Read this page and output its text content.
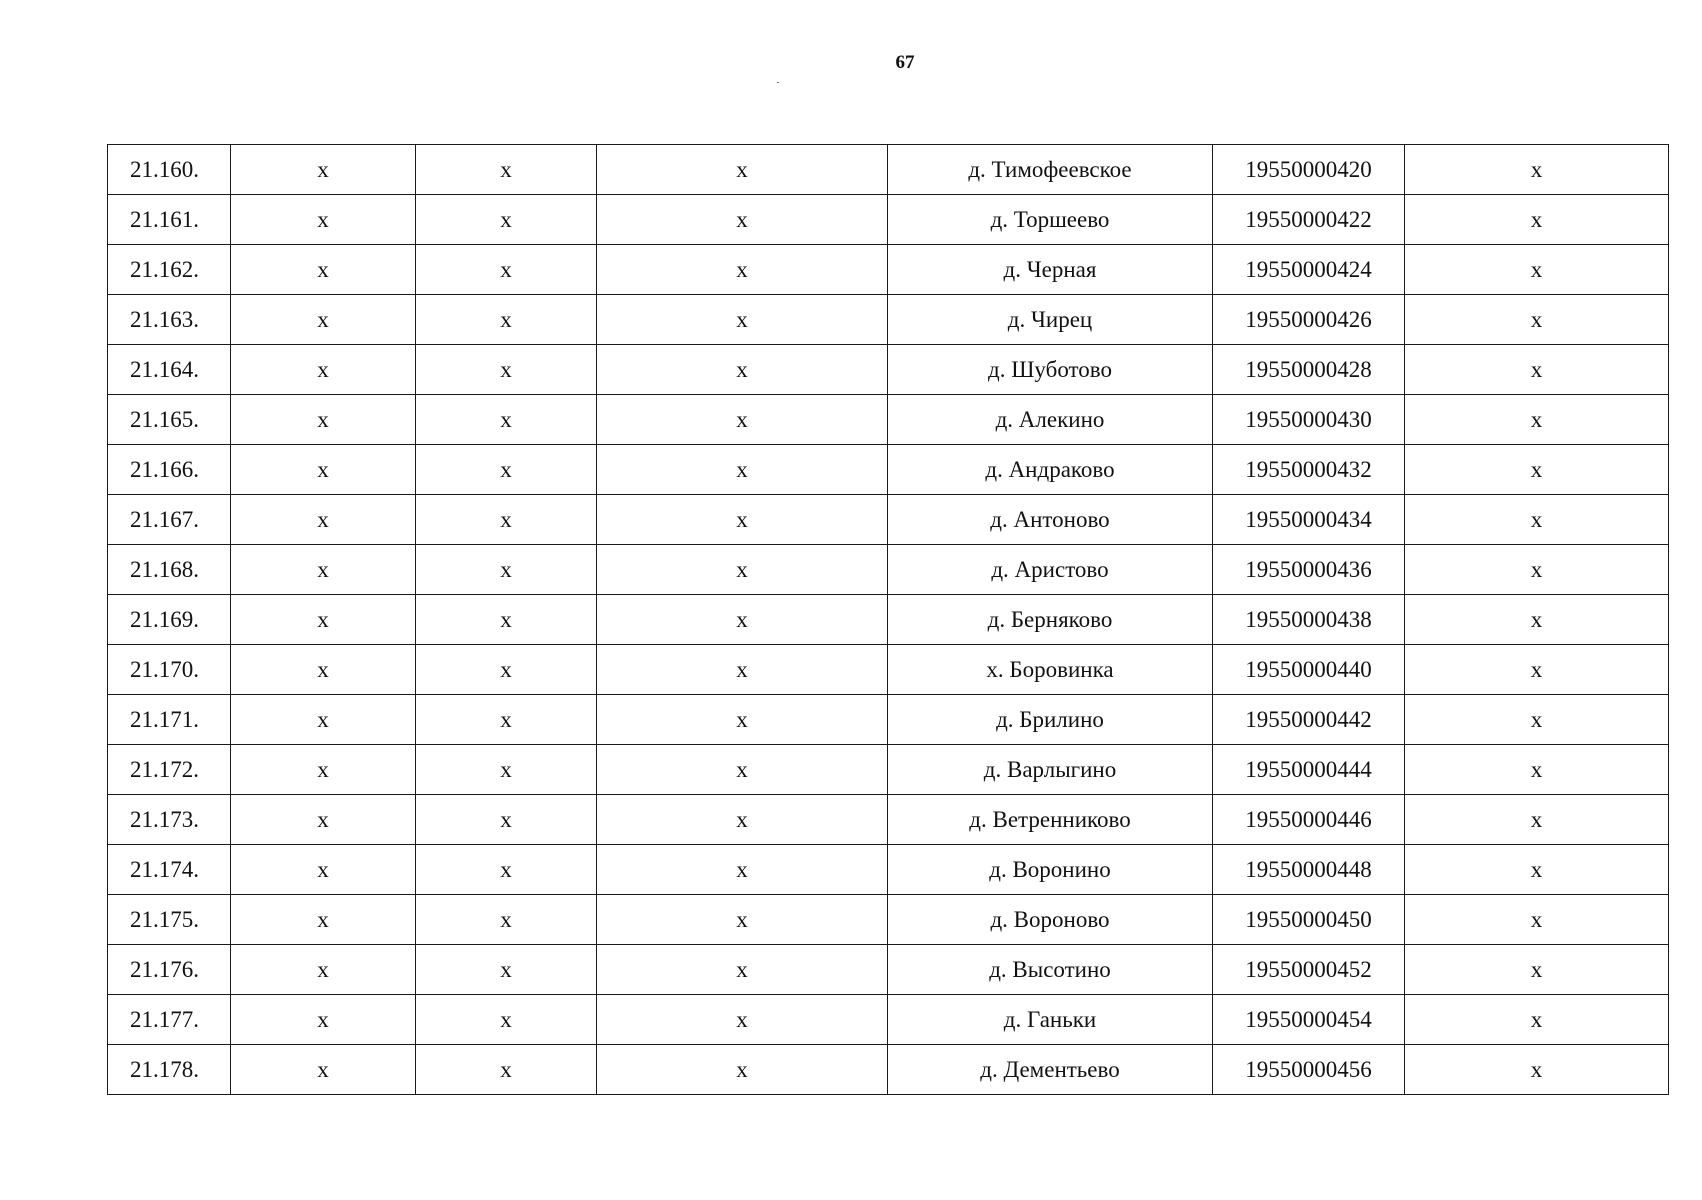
67
21.160.	х	х	х	д. Тимофеевское	19550000420	х
21.161.	х	х	х	д. Торшеево	19550000422	х
21.162.	х	х	х	д. Черная	19550000424	х
21.163.	х	х	х	д. Чирец	19550000426	х
21.164.	х	х	х	д. Шуботово	19550000428	х
21.165.	х	х	х	д. Алекино	19550000430	х
21.166.	х	х	х	д. Андраково	19550000432	х
21.167.	х	х	х	д. Антоново	19550000434	х
21.168.	х	х	х	д. Аристово	19550000436	х
21.169.	х	х	х	д. Берняково	19550000438	х
21.170.	х	х	х	х. Боровинка	19550000440	х
21.171.	х	х	х	д. Брилино	19550000442	х
21.172.	х	х	х	д. Варлыгино	19550000444	х
21.173.	х	х	х	д. Ветренниково	19550000446	х
21.174.	х	х	х	д. Воронино	19550000448	х
21.175.	х	х	х	д. Вороново	19550000450	х
21.176.	х	х	х	д. Высотино	19550000452	х
21.177.	х	х	х	д. Ганьки	19550000454	х
21.178.	х	х	х	д. Дементьево	19550000456	х
